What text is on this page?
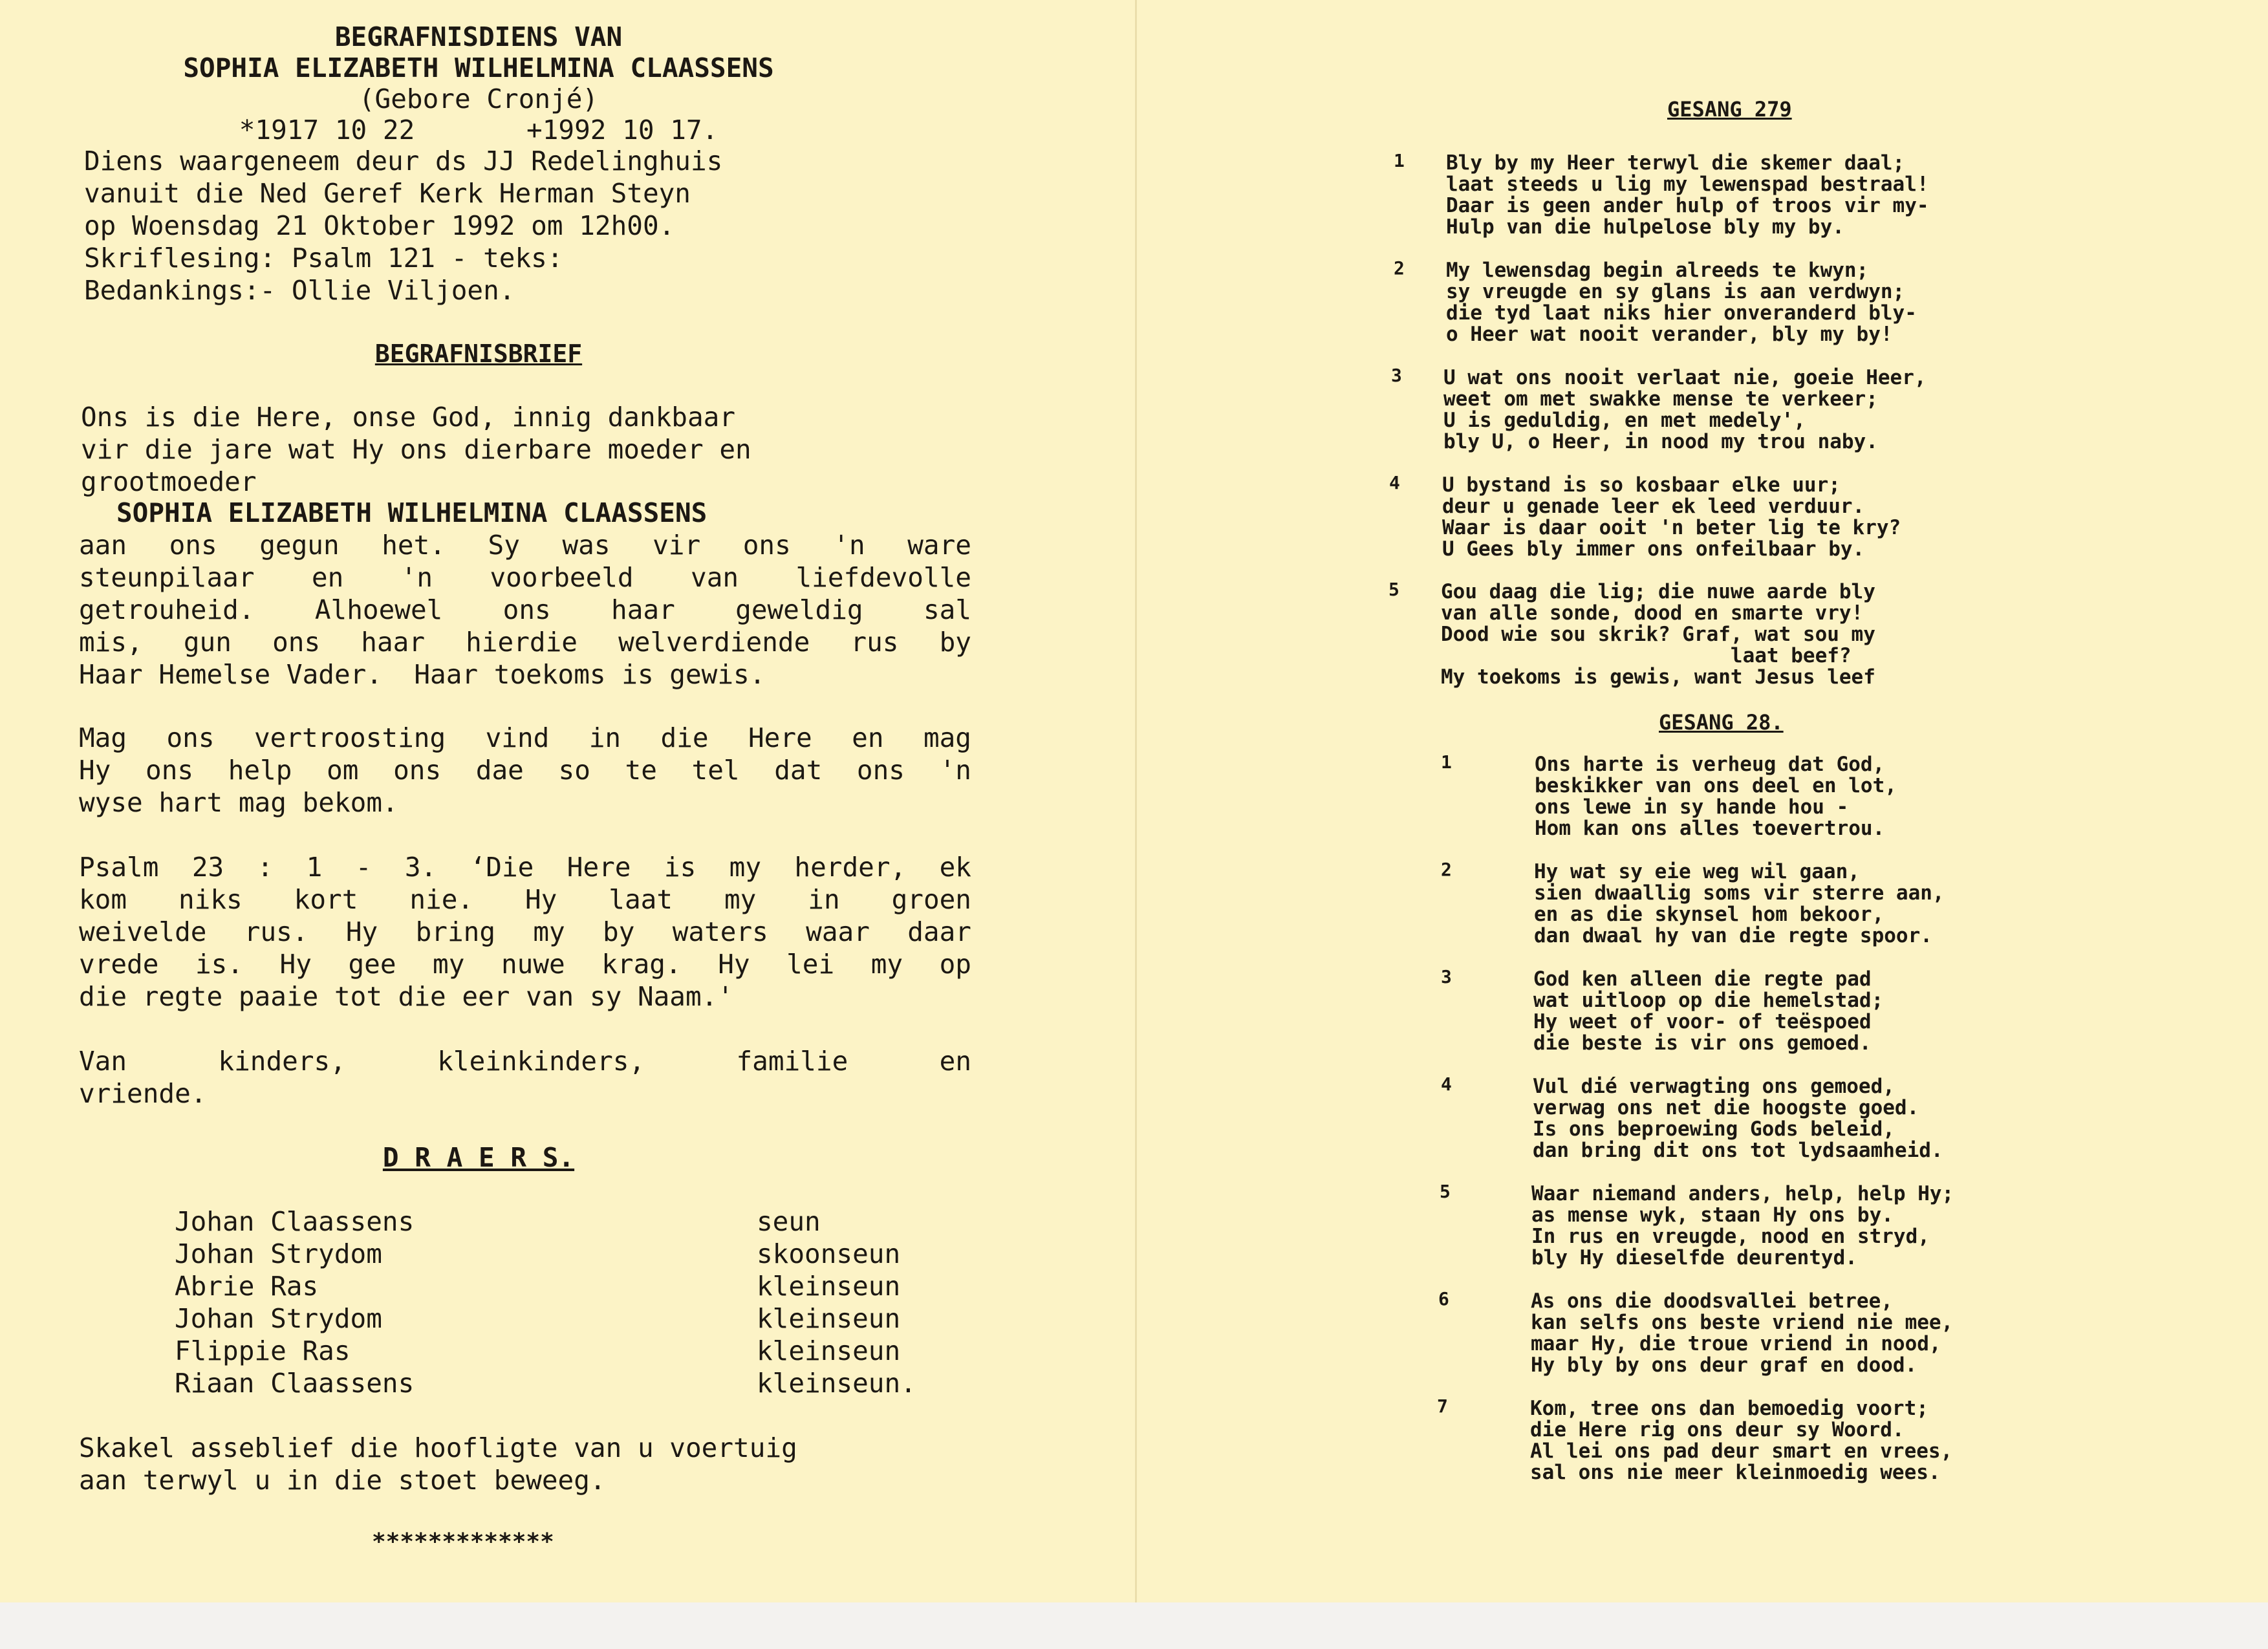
BEGRAFNISDIENS VAN
SOPHIA ELIZABETH WILHELMINA CLAASSENS
(Gebore Cronjé)
*1917 10 22       +1992 10 17.
Diens waargeneem deur ds JJ Redelinghuis
vanuit die Ned Geref Kerk Herman Steyn
op Woensdag 21 Oktober 1992 om 12h00.
Skriflesing: Psalm 121 - teks:
Bedankings:- Ollie Viljoen.
BEGRAFNISBRIEF
Ons is die Here, onse God, innig dankbaar
vir die jare wat Hy ons dierbare moeder en
grootmoeder
SOPHIA ELIZABETH WILHELMINA CLAASSENS
aan ons gegun het. Sy was vir ons 'n ware
steunpilaar en 'n voorbeeld van liefdevolle
getrouheid. Alhoewel ons haar geweldig sal
mis, gun ons haar hierdie welverdiende rus by
Haar Hemelse Vader.  Haar toekoms is gewis.
Mag ons vertroosting vind in die Here en mag
Hy ons help om ons dae so te tel dat ons 'n
wyse hart mag bekom.
Psalm 23 : 1 - 3. ‘Die Here is my herder, ek
kom niks kort nie. Hy laat my in groen
weivelde rus. Hy bring my by waters waar daar
vrede is. Hy gee my nuwe krag. Hy lei my op
die regte paaie tot die eer van sy Naam.'
Van kinders, kleinkinders, familie en
vriende.
D R A E R S.
Johan Claassens	seun
Johan Strydom	skoonseun
Abrie Ras	kleinseun
Johan Strydom	kleinseun
Flippie Ras	kleinseun
Riaan Claassens	kleinseun.
Skakel asseblief die hoofligte van u voertuig
aan terwyl u in die stoet beweeg.
*************
GESANG 279
1 Bly by my Heer terwyl die skemer daal;
laat steeds u lig my lewenspad bestraal!
Daar is geen ander hulp of troos vir my-
Hulp van die hulpelose bly my by.
2 My lewensdag begin alreeds te kwyn;
sy vreugde en sy glans is aan verdwyn;
die tyd laat niks hier onveranderd bly-
o Heer wat nooit verander, bly my by!
3 U wat ons nooit verlaat nie, goeie Heer,
weet om met swakke mense te verkeer;
U is geduldig, en met medely',
bly U, o Heer, in nood my trou naby.
4 U bystand is so kosbaar elke uur;
deur u genade leer ek leed verduur.
Waar is daar ooit 'n beter lig te kry?
U Gees bly immer ons onfeilbaar by.
5 Gou daag die lig; die nuwe aarde bly
van alle sonde, dood en smarte vry!
Dood wie sou skrik? Graf, wat sou my
laat beef?
My toekoms is gewis, want Jesus leef
GESANG 28.
1	Ons harte is verheug dat God,
beskikker van ons deel en lot,
ons lewe in sy hande hou -
Hom kan ons alles toevertrou.
2	Hy wat sy eie weg wil gaan,
sien dwaallig soms vir sterre aan,
en as die skynsel hom bekoor,
dan dwaal hy van die regte spoor.
3	God ken alleen die regte pad
wat uitloop op die hemelstad;
Hy weet of voor- of teëspoed
die beste is vir ons gemoed.
4	Vul dié verwagting ons gemoed,
verwag ons net die hoogste goed.
Is ons beproewing Gods beleid,
dan bring dit ons tot lydsaamheid.
5	Waar niemand anders, help, help Hy;
as mense wyk, staan Hy ons by.
In rus en vreugde, nood en stryd,
bly Hy dieselfde deurentyd.
6	As ons die doodsvallei betree,
kan selfs ons beste vriend nie mee,
maar Hy, die troue vriend in nood,
Hy bly by ons deur graf en dood.
7	Kom, tree ons dan bemoedig voort;
die Here rig ons deur sy Woord.
Al lei ons pad deur smart en vrees,
sal ons nie meer kleinmoedig wees.
